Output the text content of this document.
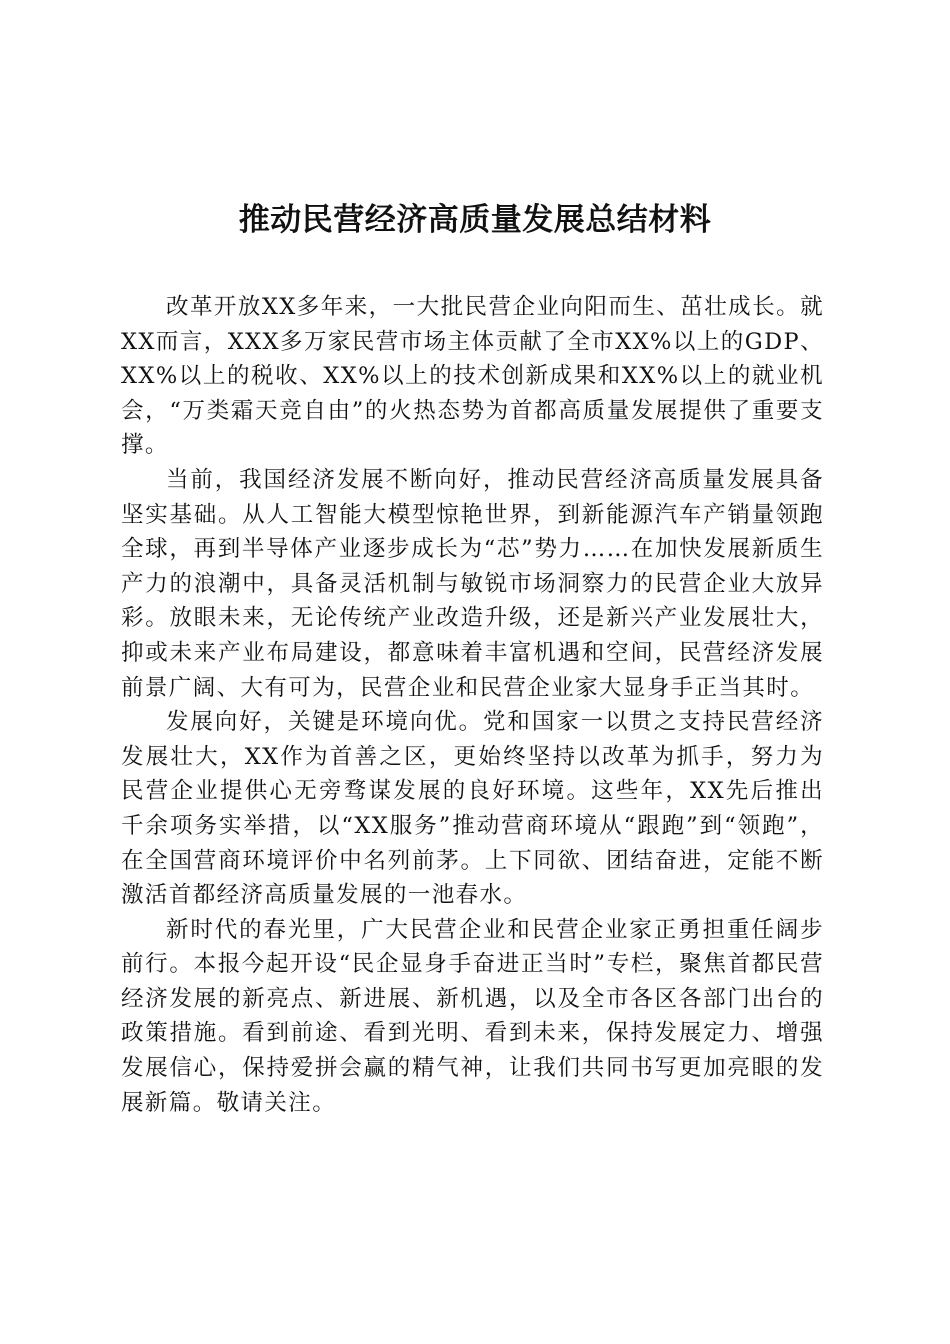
推动民营经济高质量发展总结材料

改革开放XX多年来，一大批民营企业向阳而生、茁壮成长。就XX而言，XXX多万家民营市场主体贡献了全市XX%以上的GDP、XX%以上的税收、XX%以上的技术创新成果和XX%以上的就业机会，“万类霜天竞自由”的火热态势为首都高质量发展提供了重要支撑。

当前，我国经济发展不断向好，推动民营经济高质量发展具备坚实基础。从人工智能大模型惊艳世界，到新能源汽车产销量领跑全球，再到半导体产业逐步成长为“芯”势力……在加快发展新质生产力的浪潮中，具备灵活机制与敏锐市场洞察力的民营企业大放异彩。放眼未来，无论传统产业改造升级，还是新兴产业发展壮大，抑或未来产业布局建设，都意味着丰富机遇和空间，民营经济发展前景广阔、大有可为，民营企业和民营企业家大显身手正当其时。

发展向好，关键是环境向优。党和国家一以贯之支持民营经济发展壮大，XX作为首善之区，更始终坚持以改革为抓手，努力为民营企业提供心无旁骛谋发展的良好环境。这些年，XX先后推出千余项务实举措，以“XX服务”推动营商环境从“跟跑”到“领跑”，在全国营商环境评价中名列前茅。上下同欲、团结奋进，定能不断激活首都经济高质量发展的一池春水。

新时代的春光里，广大民营企业和民营企业家正勇担重任阔步前行。本报今起开设“民企显身手奋进正当时”专栏，聚焦首都民营经济发展的新亮点、新进展、新机遇，以及全市各区各部门出台的政策措施。看到前途、看到光明、看到未来，保持发展定力、增强发展信心，保持爱拼会赢的精气神，让我们共同书写更加亮眼的发展新篇。敬请关注。
